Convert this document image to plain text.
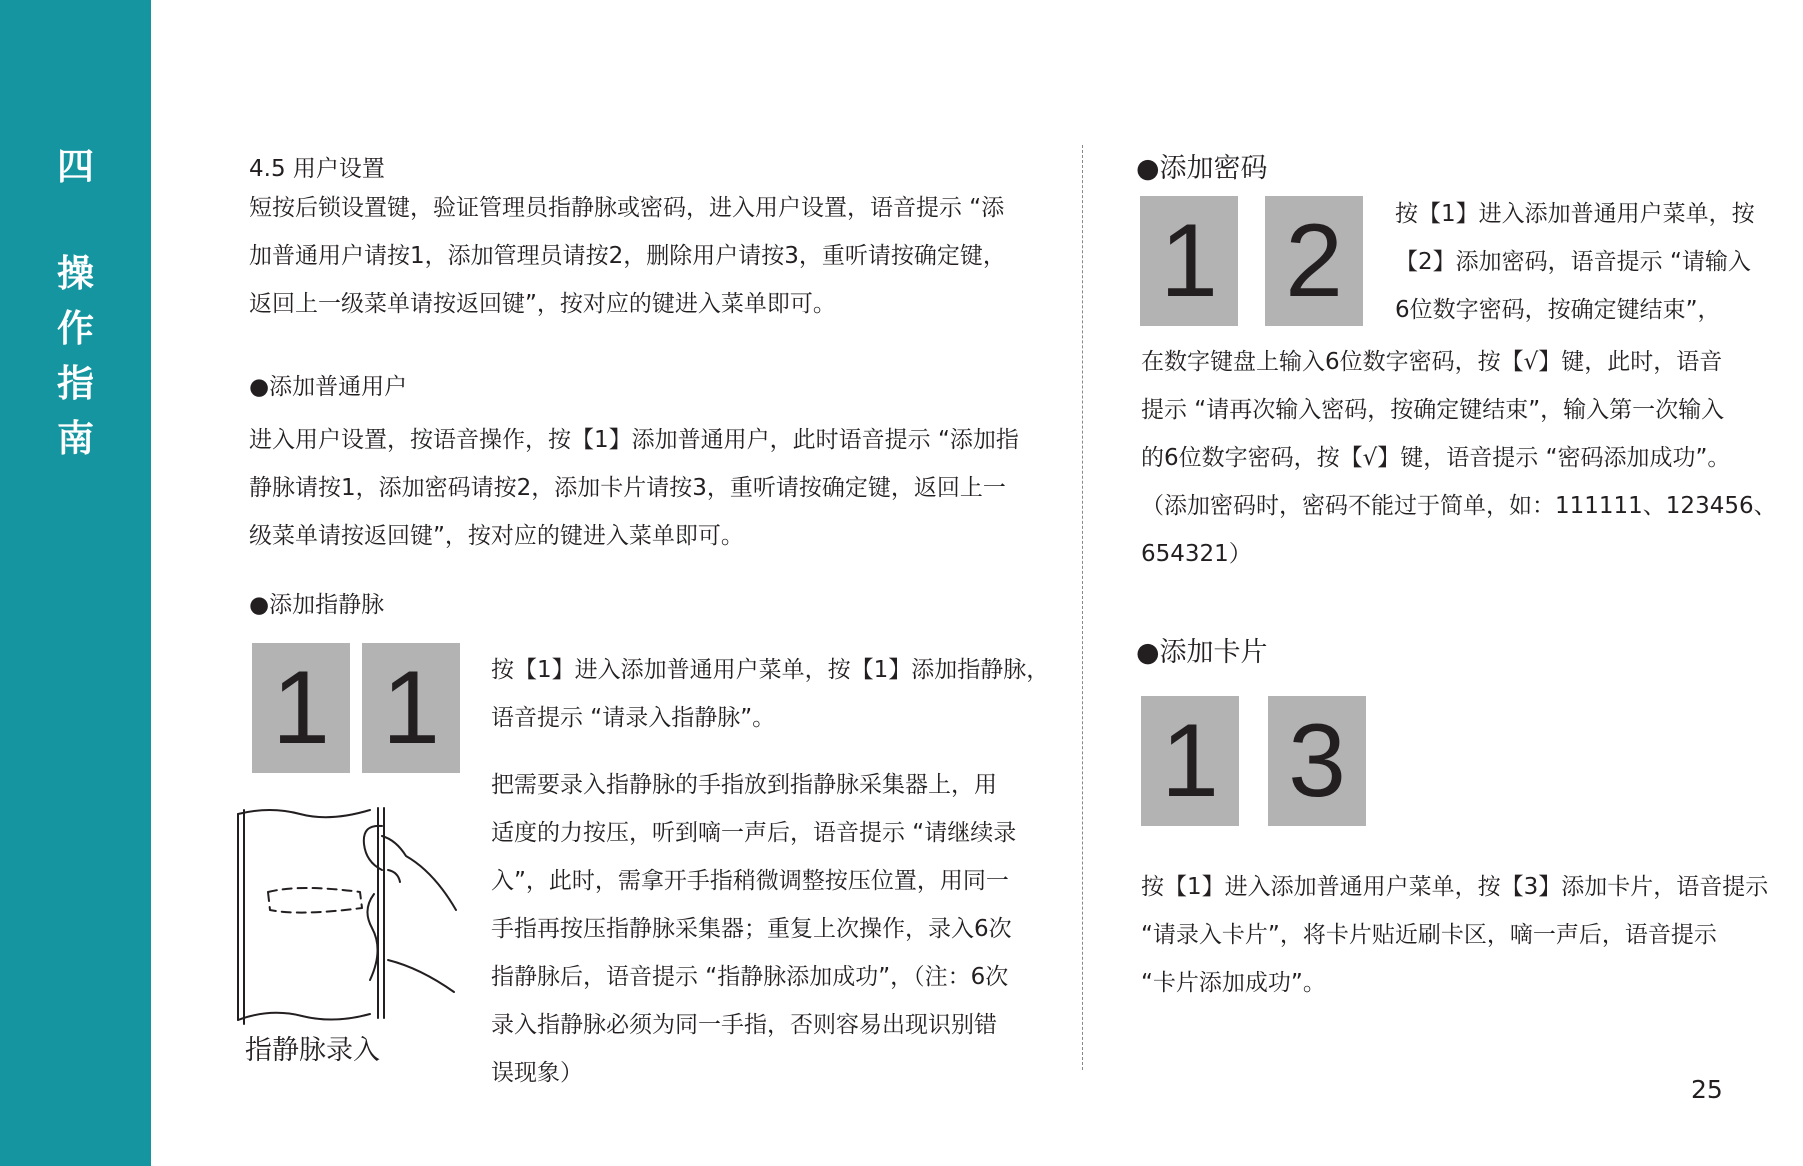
四
操
作
指
南
4.5 用户设置
短按后锁设置键，验证管理员指静脉或密码，进入用户设置，语音提示 “添
加普通用户请按1，添加管理员请按2，删除用户请按3，重听请按确定键，
返回上一级菜单请按返回键”，按对应的键进入菜单即可。
●添加普通用户
进入用户设置，按语音操作，按【1】添加普通用户，此时语音提示 “添加指
静脉请按1，添加密码请按2，添加卡片请按3，重听请按确定键，返回上一
级菜单请按返回键”，按对应的键进入菜单即可。
●添加指静脉
1 1	按【1】进入添加普通用户菜单，按【1】添加指静脉，
语音提示 “请录入指静脉”。
把需要录入指静脉的手指放到指静脉采集器上，用
适度的力按压，听到嘀一声后，语音提示 “请继续录
入”，此时，需拿开手指稍微调整按压位置，用同一
手指再按压指静脉采集器；重复上次操作，录入6次
指静脉后，语音提示 “指静脉添加成功”，（注：6次
录入指静脉必须为同一手指，否则容易出现识别错
误现象）
指静脉录入
●添加密码
1 2	按【1】进入添加普通用户菜单，按
【2】添加密码，语音提示 “请输入
6位数字密码，按确定键结束”，
在数字键盘上输入6位数字密码，按【√】键，此时，语音
提示 “请再次输入密码，按确定键结束”，输入第一次输入
的6位数字密码，按【√】键，语音提示 “密码添加成功”。
（添加密码时，密码不能过于简单，如：111111、123456、
654321）
●添加卡片
1 3
按【1】进入添加普通用户菜单，按【3】添加卡片，语音提示
“请录入卡片”，将卡片贴近刷卡区，嘀一声后，语音提示
“卡片添加成功”。
25
